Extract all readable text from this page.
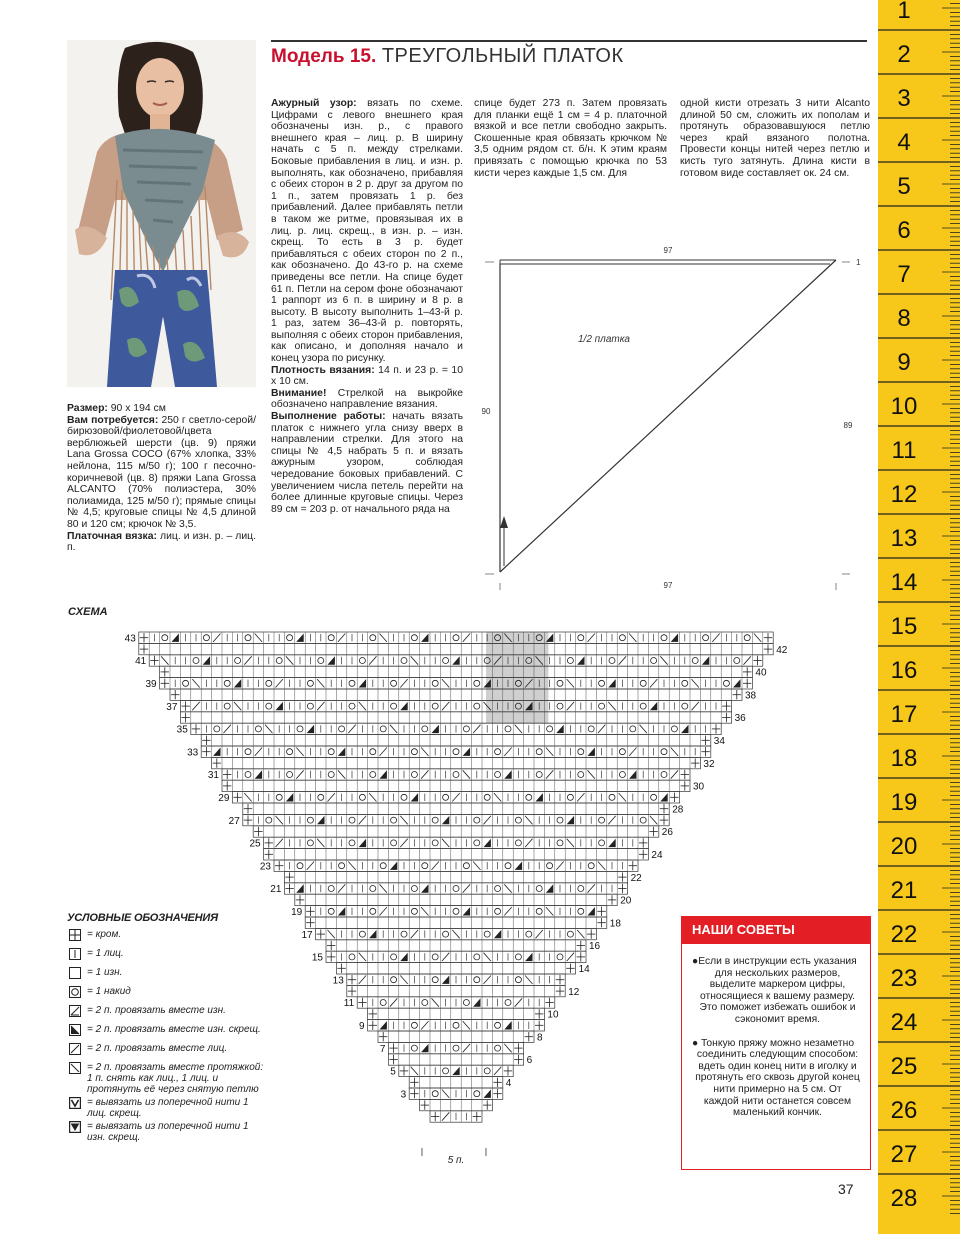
Модель 15. ТРЕУГОЛЬНЫЙ ПЛАТОК

Размер: 90 х 194 см

Вам потребуется: 250 г светло-серой/бирюзовой/фиолетовой/цвета верблюжьей шерсти (цв. 9) пряжи Lana Grossa COCO (67% хлопка, 33% нейлона, 115 м/50 г); 100 г песочно-коричневой (цв. 8) пряжи Lana Grossa ALCANTO (70% полиэстера, 30% полиамида, 125 м/50 г); прямые спицы № 4,5; круговые спицы № 4,5 длиной 80 и 120 см; крючок № 3,5.

Платочная вязка: лиц. и изн. р. – лиц. п.

Ажурный узор: вязать по схеме. Цифрами с левого внешнего края обозначены изн. р., с правого внешнего края – лиц. р. В ширину начать с 5 п. между стрелками. Боковые прибавления в лиц. и изн. р. выполнять, как обозначено, прибавляя с обеих сторон в 2 р. друг за другом по 1 п., затем провязать 1 р. без прибавлений. Далее прибавлять петли в таком же ритме, провязывая их в лиц. р. лиц. скрещ., в изн. р. – изн. скрещ. То есть в 3 р. будет прибавляться с обеих сторон по 2 п., как обозначено. До 43-го р. на схеме приведены все петли. На спице будет 61 п. Петли на сером фоне обозначают 1 раппорт из 6 п. в ширину и 8 р. в высоту. В высоту выполнить 1–43-й р. 1 раз, затем 36–43-й р. повторять, выполняя с обеих сторон прибавления, как описано, и дополняя начало и конец узора по рисунку.

Плотность вязания: 14 п. и 23 р. = 10 х 10 см.

Внимание! Стрелкой на выкройке обозначено направление вязания.

Выполнение работы: начать вязать платок с нижнего угла снизу вверх в направлении стрелки. Для этого на спицы № 4,5 набрать 5 п. и вязать ажурным узором, соблюдая чередование боковых прибавлений. С увеличением числа петель перейти на более длинные круговые спицы. Через 89 см = 203 р. от начального ряда на

спице будет 273 п. Затем провязать для планки ещё 1 см = 4 р. платочной вязкой и все петли свободно закрыть. Скошенные края обвязать крючком № 3,5 одним рядом ст. б/н. К этим краям привязать с помощью крючка по 53 кисти через каждые 1,5 см. Для

одной кисти отрезать 3 нити Alcanto длиной 50 см, сложить их пополам и протянуть образовавшуюся петлю через край вязаного полотна. Провести концы нитей через петлю и кисть туго затянуть. Длина кисти в готовом виде составляет ок. 24 см.

97
97
90
89
1
1/2 платка
СХЕМА
43
41
39
37
35
33
31
29
27
25
23
21
19
17
15
13
11
9
7
5
3
42
40
38
36
34
32
30
28
26
24
22
20
18
16
14
12
10
8
6
4
5 п.
УСЛОВНЫЕ ОБОЗНАЧЕНИЯ
= кром.
= 1 лиц.
= 1 изн.
= 1 накид
= 2 п. провязать вместе изн.
= 2 п. провязать вместе изн. скрещ.
= 2 п. провязать вместе лиц.
= 2 п. провязать вместе протяжкой: 1 п. снять как лиц., 1 лиц. и протянуть её через снятую петлю
= вывязать из поперечной нити 1 лиц. скрещ.
= вывязать из поперечной нити 1 изн. скрещ.
НАШИ СОВЕТЫ
● Если в инструкции есть указания для нескольких размеров, выделите маркером цифры, относящиеся к вашему размеру. Это поможет избежать ошибок и сэкономит время.
● Тонкую пряжу можно незаметно соединить следующим способом: вдеть один конец нити в иголку и протянуть его сквозь другой конец нити примерно на 5 см. От каждой нити останется совсем маленький кончик.
37
1
2
3
4
5
6
7
8
9
10
11
12
13
14
15
16
17
18
19
20
21
22
23
24
25
26
27
28
